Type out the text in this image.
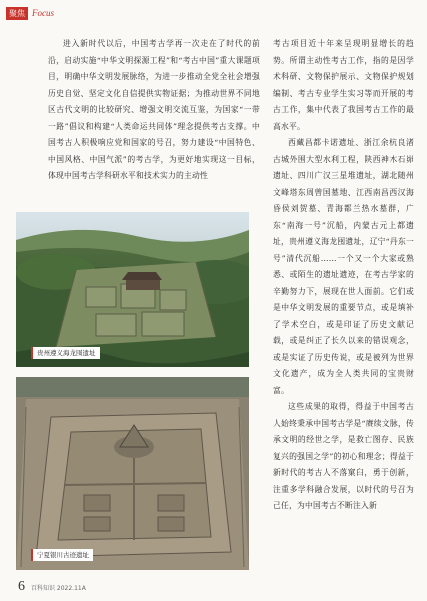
聚焦 Focus

进入新时代以后，中国考古学再一次走在了时代的前沿，启动实施“中华文明探源工程”和“考古中国”重大课题项目，明确中华文明发展脉络，为进一步推动全党全社会增强历史自觉、坚定文化自信提供实物证据；为推动世界不同地区古代文明的比较研究、增强文明交流互鉴，为国家“一带一路”倡议和构建“人类命运共同体”理念提供考古支撑。中国考古人积极响应党和国家的号召，努力建设“中国特色、中国风格、中国气派”的考古学，为更好地实现这一目标，体现中国考古学科研水平和技术实力的主动性

贵州遵义海龙囤遗址
宁夏银川古迹遗址

考古项目近十年来呈现明显增长的趋势。所谓主动性考古工作，指的是因学术科研、文物保护展示、文物保护规划编制、考古专业学生实习等而开展的考古工作，集中代表了我国考古工作的最高水平。

西藏昌都卡诺遗址、浙江余杭良渚古城外围大型水利工程，陕西神木石峁遗址、四川广汉三星堆遗址，湖北随州文峰塔东周曾国墓地、江西南昌西汉海昏侯刘贺墓、青海都兰热水墓群，广东“南海一号”沉船，内蒙古元上都遗址，贵州遵义海龙囤遗址，辽宁“丹东一号”清代沉船……一个又一个大家或熟悉、或陌生的遗址遗迹，在考古学家的辛勤努力下，展现在世人面前。它们或是中华文明发展的重要节点，或是填补了学术空白，或是印证了历史文献记载，或是纠正了长久以来的错误观念，或是实证了历史传说，或是被列为世界文化遗产，成为全人类共同的宝贵财富。

这些成果的取得，得益于中国考古人始终秉承中国考古学是“赓续文脉，传承文明的经世之学，是救亡图存、民族复兴的强国之学”的初心和理念；得益于新时代的考古人不落窠臼，勇于创新，注重多学科融合发展，以时代的号召为己任，为中国考古不断注入新

6 百科知识 2022.11A
